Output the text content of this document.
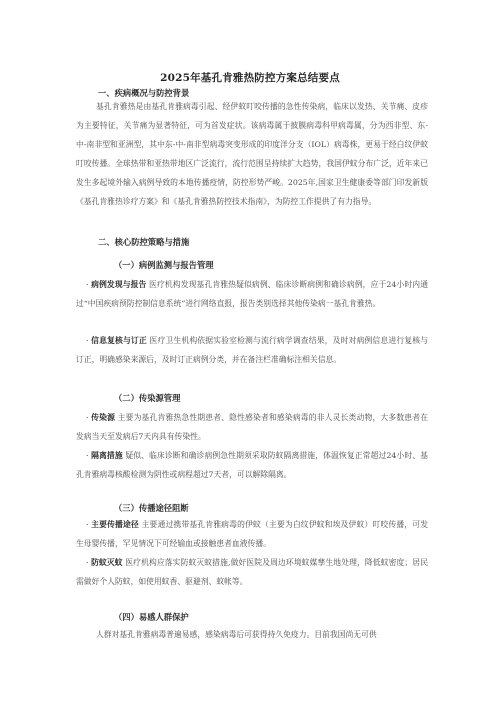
2025年基孔肯雅热防控方案总结要点
一、疾病概况与防控背景
基孔肯雅热是由基孔肯雅病毒引起、经伊蚊叮咬传播的急性传染病，临床以发热、关节痛、皮疹为主要特征，关节痛为显著特征，可为首发症状。该病毒属于披膜病毒科甲病毒属，分为西非型、东-中-南非型和亚洲型，其中东-中-南非型病毒突变形成的印度洋分支（IOL）病毒株，更易于经白纹伊蚊叮咬传播。全球热带和亚热带地区广泛流行，流行范围呈持续扩大趋势，我国伊蚊分布广泛，近年来已发生多起境外输入病例导致的本地传播疫情，防控形势严峻。2025年,国家卫生健康委等部门印发新版《基孔肯雅热诊疗方案》和《基孔肯雅热防控技术指南》，为防控工作提供了有力指导。
二、核心防控策略与措施
（一）病例监测与报告管理
· 病例发现与报告 医疗机构发现基孔肯雅热疑似病例、临床诊断病例和确诊病例，应于24小时内通过“中国疾病预防控制信息系统”进行网络直报，报告类别选择其他传染病一基孔肯雅热。
· 信息复核与订正 医疗卫生机构依据实验室检测与流行病学调查结果，及时对病例信息进行复核与订正，明确感染来源后，及时订正病例分类，并在备注栏准确标注相关信息。
（二）传染源管理
· 传染源 主要为基孔肯雅热急性期患者、隐性感染者和感染病毒的非人灵长类动物，大多数患者在发病当天至发病后7天内具有传染性。
· 隔离措施 疑似、临床诊断和确诊病例急性期须采取防蚊隔离措施，体温恢复正常超过24小时、基孔肯雅病毒核酸检测为阴性或病程超过7天者，可以解除隔离。
（三）传播途径阻断
· 主要传播途径 主要通过携带基孔肯雅病毒的伊蚊（主要为白纹伊蚊和埃及伊蚊）叮咬传播，可发生母婴传播，罕见情况下可经输血或接触患者血液传播。
· 防蚊灭蚊 医疗机构应落实防蚊灭蚊措施,做好医院及周边环境蚊媒孳生地处理，降低蚊密度；居民需做好个人防蚊，如使用蚊香、驱避剂、蚊帐等。
（四）易感人群保护
人群对基孔肯雅病毒普遍易感，感染病毒后可获得持久免疫力。目前我国尚无可供
